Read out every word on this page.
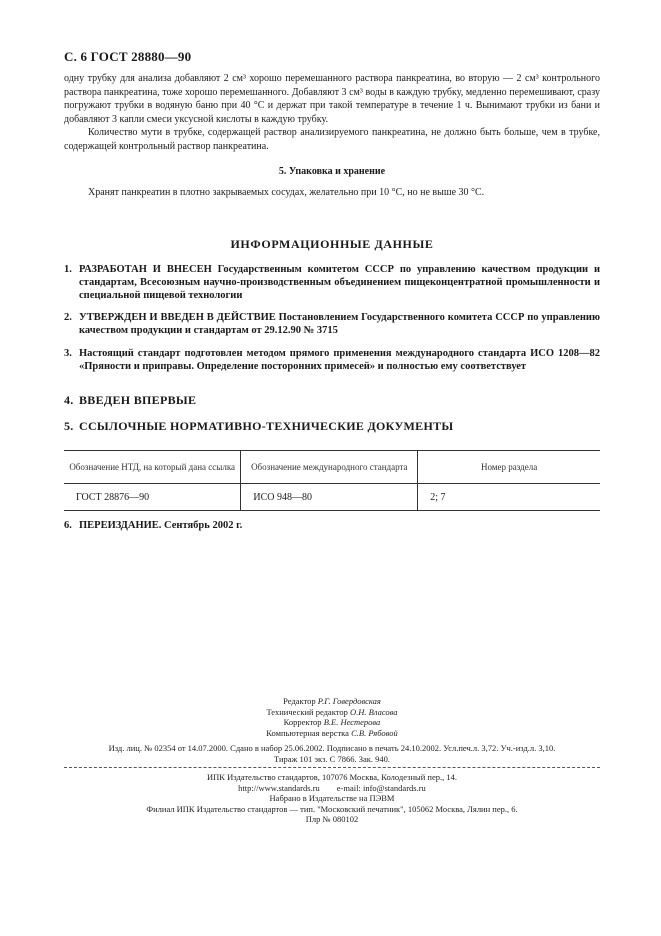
С. 6 ГОСТ 28880—90
одну трубку для анализа добавляют 2 см³ хорошо перемешанного раствора панкреатина, во вторую — 2 см³ контрольного раствора панкреатина, тоже хорошо перемешанного. Добавляют 3 см³ воды в каждую трубку, медленно перемешивают, сразу погружают трубки в водяную баню при 40 °С и держат при такой температуре в течение 1 ч. Вынимают трубки из бани и добавляют 3 капли смеси уксусной кислоты в каждую трубку.
Количество мути в трубке, содержащей раствор анализируемого панкреатина, не должно быть больше, чем в трубке, содержащей контрольный раствор панкреатина.
5. Упаковка и хранение
Хранят панкреатин в плотно закрываемых сосудах, желательно при 10 °С, но не выше 30 °С.
ИНФОРМАЦИОННЫЕ ДАННЫЕ
1. РАЗРАБОТАН И ВНЕСЕН Государственным комитетом СССР по управлению качеством продукции и стандартам, Всесоюзным научно-производственным объединением пищеконцентратной промышленности и специальной пищевой технологии
2. УТВЕРЖДЕН И ВВЕДЕН В ДЕЙСТВИЕ Постановлением Государственного комитета СССР по управлению качеством продукции и стандартам от 29.12.90 № 3715
3. Настоящий стандарт подготовлен методом прямого применения международного стандарта ИСО 1208—82 «Пряности и приправы. Определение посторонних примесей» и полностью ему соответствует
4. ВВЕДЕН ВПЕРВЫЕ
5. ССЫЛОЧНЫЕ НОРМАТИВНО-ТЕХНИЧЕСКИЕ ДОКУМЕНТЫ
Обозначение НТД, на который дана ссылка	Обозначение международного стандарта	Номер раздела
ГОСТ 28876—90	ИСО 948—80	2; 7
6. ПЕРЕИЗДАНИЕ. Сентябрь 2002 г.
Редактор Р.Г. Говердовская
Технический редактор О.Н. Власова
Корректор В.Е. Нестерова
Компьютерная верстка С.В. Рябовой
Изд. лиц. № 02354 от 14.07.2000. Сдано в набор 25.06.2002. Подписано в печать 24.10.2002. Усл.печ.л. 3,72. Уч.-изд.л. 3,10.
Тираж 101 экз. С 7866. Зак. 940.
ИПК Издательство стандартов, 107076 Москва, Колодезный пер., 14.
http://www.standards.ru        e-mail: info@standards.ru
Набрано в Издательстве на ПЭВМ
Филиал ИПК Издательство стандартов — тип. "Московский печатник", 105062 Москва, Лялин пер., 6.
Плр № 080102
